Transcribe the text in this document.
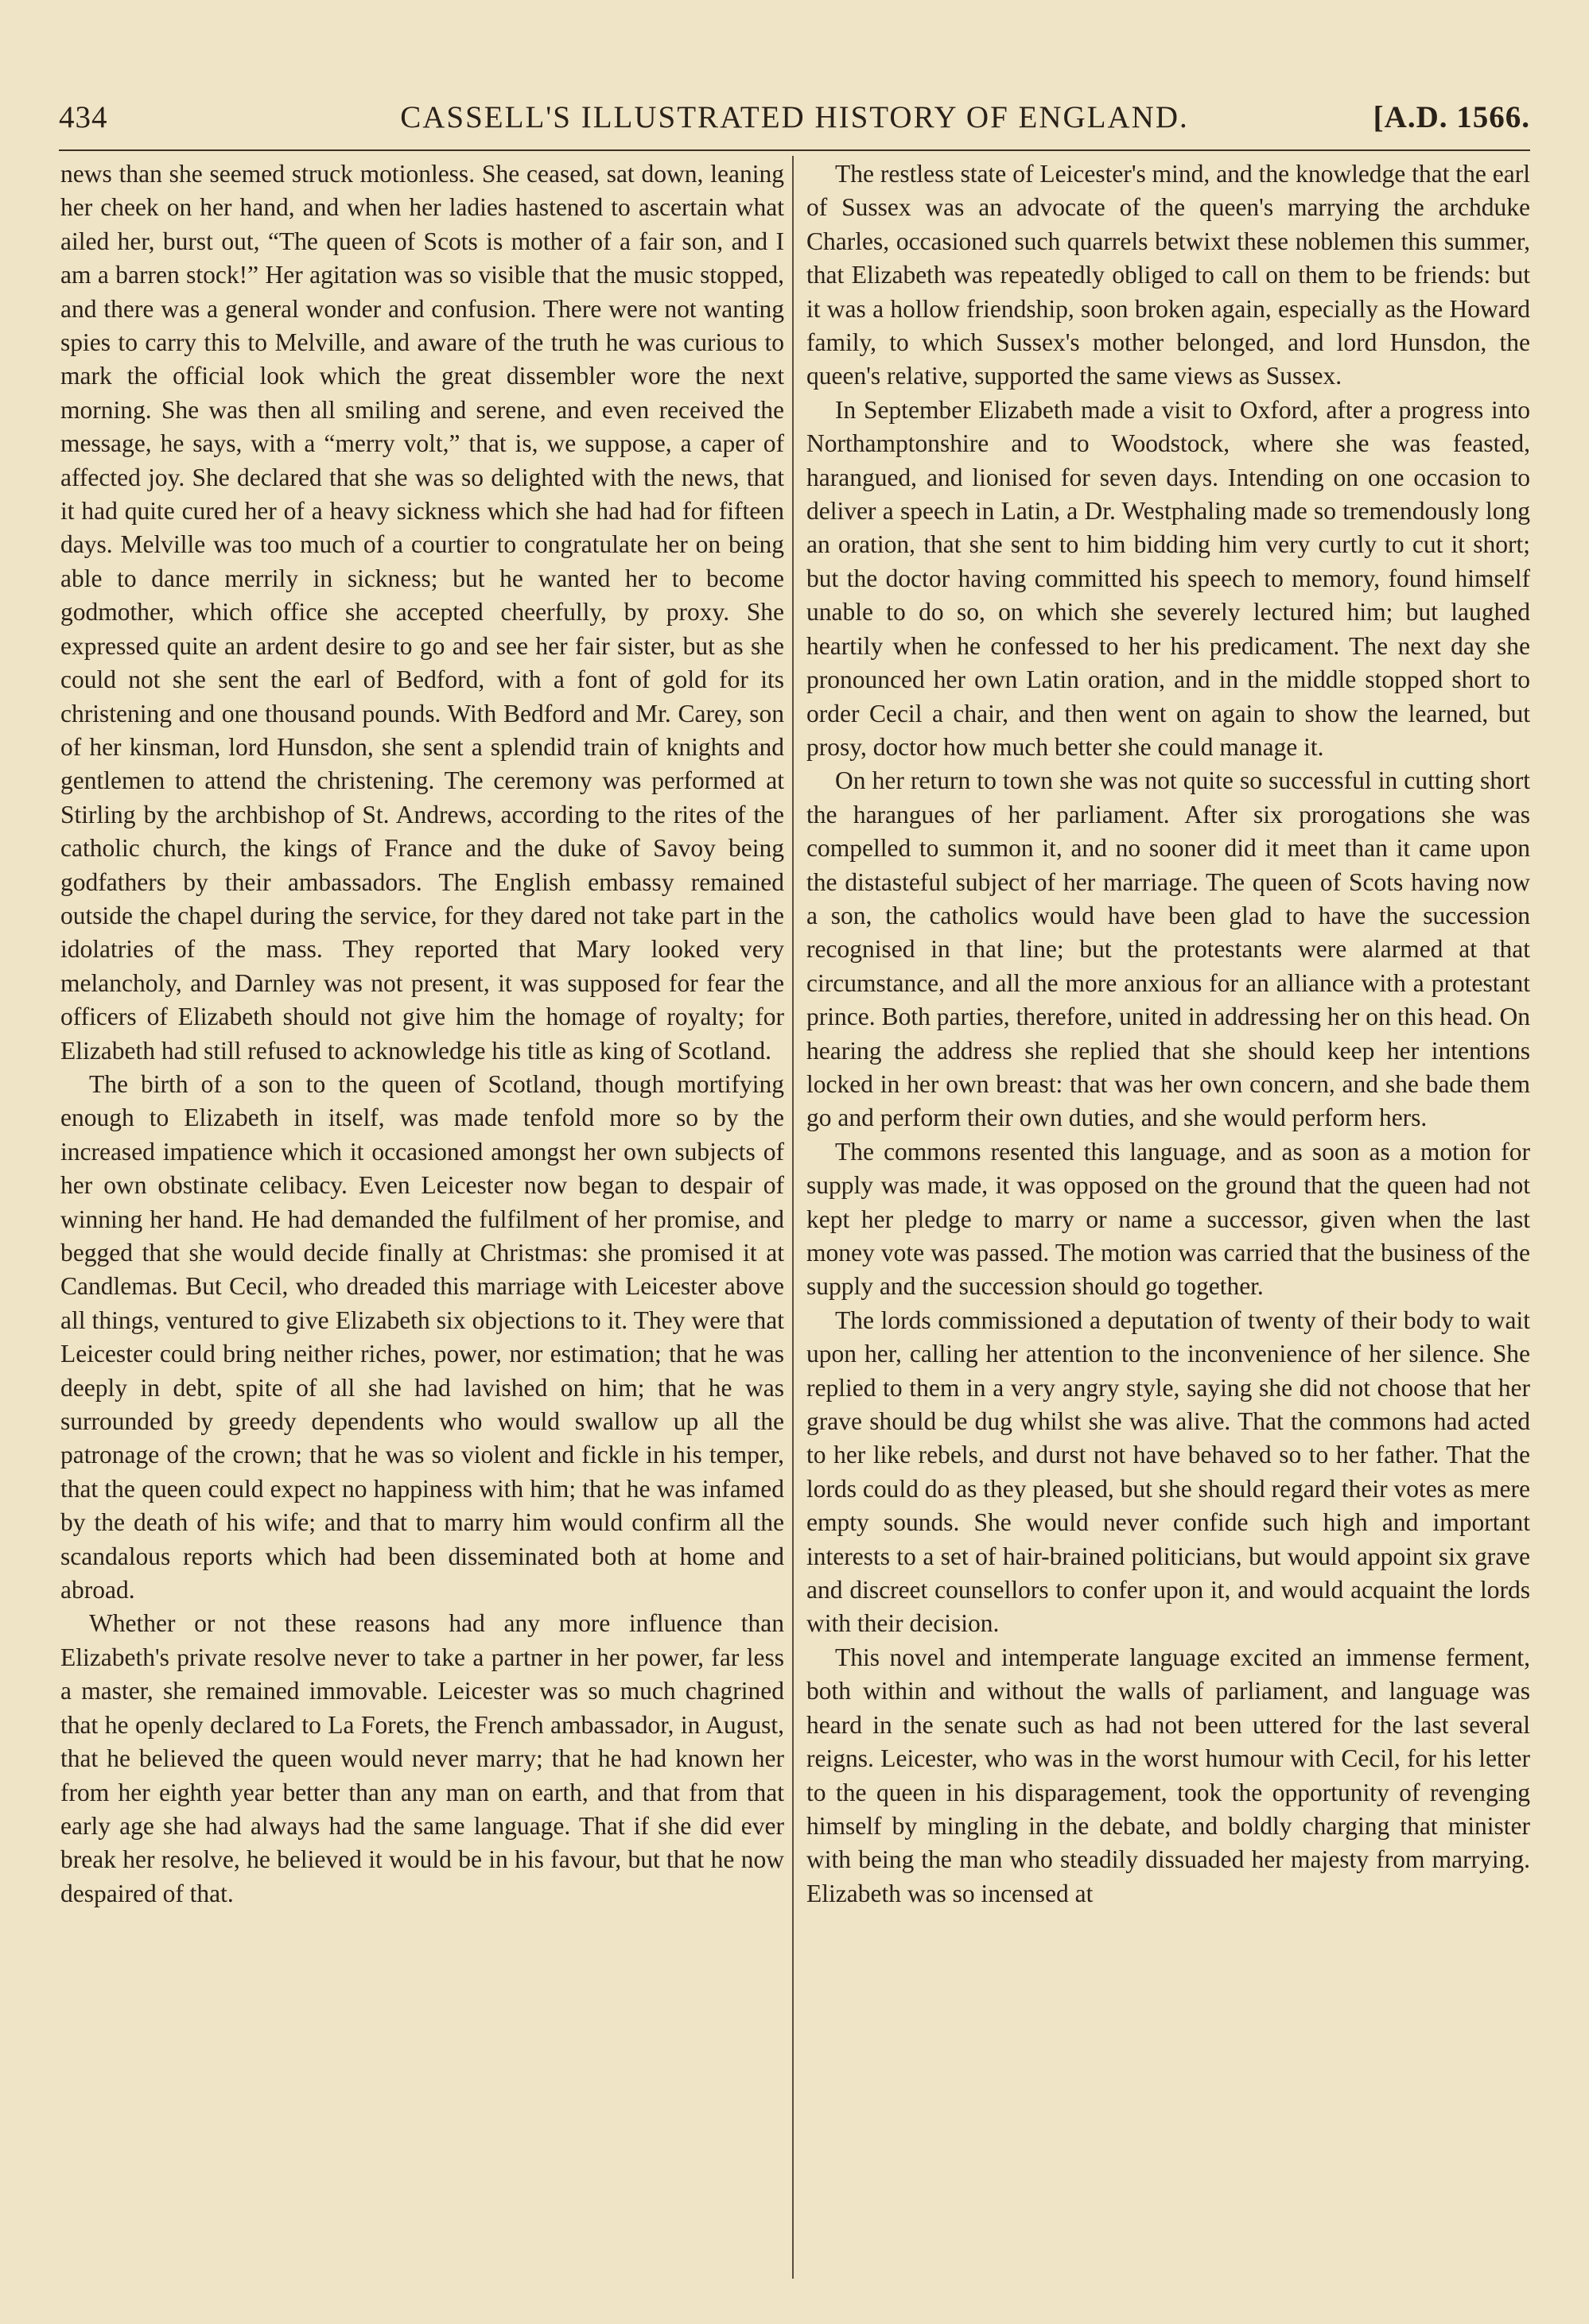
434	CASSELL'S ILLUSTRATED HISTORY OF ENGLAND.	[A.D. 1566.

news than she seemed struck motionless. She ceased, sat down, leaning her cheek on her hand, and when her ladies hastened to ascertain what ailed her, burst out, “The queen of Scots is mother of a fair son, and I am a barren stock!” Her agitation was so visible that the music stopped, and there was a general wonder and confusion. There were not wanting spies to carry this to Melville, and aware of the truth he was curious to mark the official look which the great dissembler wore the next morning. She was then all smiling and serene, and even received the message, he says, with a “merry volt,” that is, we suppose, a caper of affected joy. She declared that she was so delighted with the news, that it had quite cured her of a heavy sickness which she had had for fifteen days. Melville was too much of a courtier to congratulate her on being able to dance merrily in sickness; but he wanted her to become godmother, which office she accepted cheerfully, by proxy. She expressed quite an ardent desire to go and see her fair sister, but as she could not she sent the earl of Bedford, with a font of gold for its christening and one thousand pounds. With Bedford and Mr. Carey, son of her kinsman, lord Hunsdon, she sent a splendid train of knights and gentlemen to attend the christening. The ceremony was performed at Stirling by the archbishop of St. Andrews, according to the rites of the catholic church, the kings of France and the duke of Savoy being godfathers by their ambassadors. The English embassy remained outside the chapel during the service, for they dared not take part in the idolatries of the mass. They reported that Mary looked very melancholy, and Darnley was not present, it was supposed for fear the officers of Elizabeth should not give him the homage of royalty; for Elizabeth had still refused to acknowledge his title as king of Scotland.

The birth of a son to the queen of Scotland, though mortifying enough to Elizabeth in itself, was made tenfold more so by the increased impatience which it occasioned amongst her own subjects of her own obstinate celibacy. Even Leicester now began to despair of winning her hand. He had demanded the fulfilment of her promise, and begged that she would decide finally at Christmas: she promised it at Candlemas. But Cecil, who dreaded this marriage with Leicester above all things, ventured to give Elizabeth six objections to it. They were that Leicester could bring neither riches, power, nor estimation; that he was deeply in debt, spite of all she had lavished on him; that he was surrounded by greedy dependents who would swallow up all the patronage of the crown; that he was so violent and fickle in his temper, that the queen could expect no happiness with him; that he was infamed by the death of his wife; and that to marry him would confirm all the scandalous reports which had been disseminated both at home and abroad.

Whether or not these reasons had any more influence than Elizabeth's private resolve never to take a partner in her power, far less a master, she remained immovable. Leicester was so much chagrined that he openly declared to La Forets, the French ambassador, in August, that he believed the queen would never marry; that he had known her from her eighth year better than any man on earth, and that from that early age she had always had the same language. That if she did ever break her resolve, he believed it would be in his favour, but that he now despaired of that.

The restless state of Leicester's mind, and the knowledge that the earl of Sussex was an advocate of the queen's marrying the archduke Charles, occasioned such quarrels betwixt these noblemen this summer, that Elizabeth was repeatedly obliged to call on them to be friends: but it was a hollow friendship, soon broken again, especially as the Howard family, to which Sussex's mother belonged, and lord Hunsdon, the queen's relative, supported the same views as Sussex.

In September Elizabeth made a visit to Oxford, after a progress into Northamptonshire and to Woodstock, where she was feasted, harangued, and lionised for seven days. Intending on one occasion to deliver a speech in Latin, a Dr. Westphaling made so tremendously long an oration, that she sent to him bidding him very curtly to cut it short; but the doctor having committed his speech to memory, found himself unable to do so, on which she severely lectured him; but laughed heartily when he confessed to her his predicament. The next day she pronounced her own Latin oration, and in the middle stopped short to order Cecil a chair, and then went on again to show the learned, but prosy, doctor how much better she could manage it.

On her return to town she was not quite so successful in cutting short the harangues of her parliament. After six prorogations she was compelled to summon it, and no sooner did it meet than it came upon the distasteful subject of her marriage. The queen of Scots having now a son, the catholics would have been glad to have the succession recognised in that line; but the protestants were alarmed at that circumstance, and all the more anxious for an alliance with a protestant prince. Both parties, therefore, united in addressing her on this head. On hearing the address she replied that she should keep her intentions locked in her own breast: that was her own concern, and she bade them go and perform their own duties, and she would perform hers.

The commons resented this language, and as soon as a motion for supply was made, it was opposed on the ground that the queen had not kept her pledge to marry or name a successor, given when the last money vote was passed. The motion was carried that the business of the supply and the succession should go together.

The lords commissioned a deputation of twenty of their body to wait upon her, calling her attention to the inconvenience of her silence. She replied to them in a very angry style, saying she did not choose that her grave should be dug whilst she was alive. That the commons had acted to her like rebels, and durst not have behaved so to her father. That the lords could do as they pleased, but she should regard their votes as mere empty sounds. She would never confide such high and important interests to a set of hair-brained politicians, but would appoint six grave and discreet counsellors to confer upon it, and would acquaint the lords with their decision.

This novel and intemperate language excited an immense ferment, both within and without the walls of parliament, and language was heard in the senate such as had not been uttered for the last several reigns. Leicester, who was in the worst humour with Cecil, for his letter to the queen in his disparagement, took the opportunity of revenging himself by mingling in the debate, and boldly charging that minister with being the man who steadily dissuaded her majesty from marrying. Elizabeth was so incensed at
